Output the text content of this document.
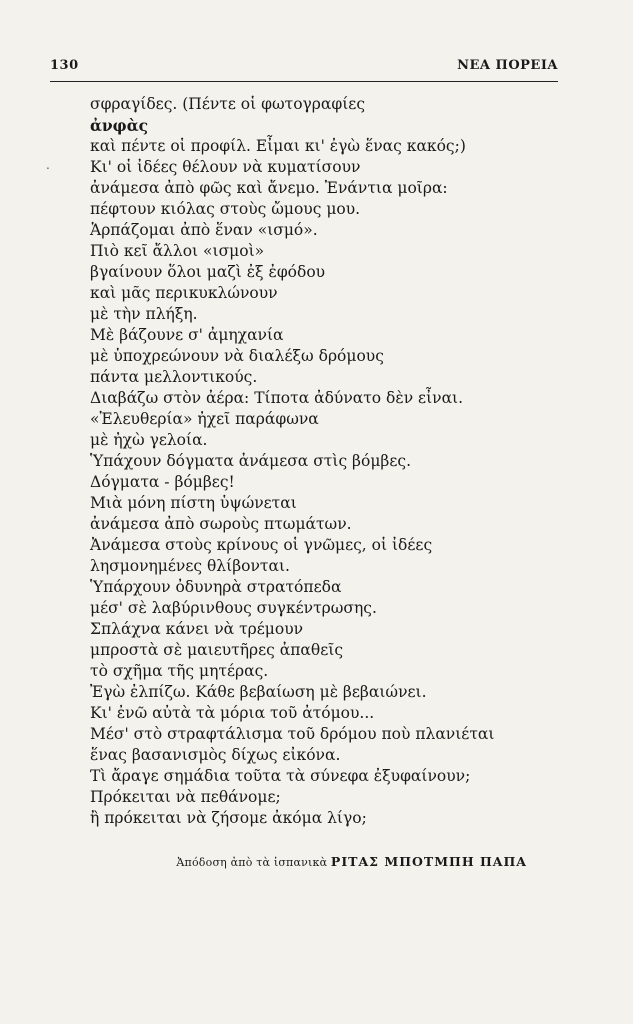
130	ΝΕΑ ΠΟΡΕΙΑ
σφραγίδες. (Πέντε οἱ φωτογραφίες
ἀνφὰς
καὶ πέντε οἱ προφίλ. Εἶμαι κι' ἐγὼ ἕνας κακός;)
Κι' οἱ ἰδέες θέλουν νὰ κυματίσουν
ἀνάμεσα ἀπὸ φῶς καὶ ἄνεμο. Ἐνάντια μοῖρα:
πέφτουν κιόλας στοὺς ὤμους μου.
Ἁρπάζομαι ἀπὸ ἕναν «ισμό».
Πιὸ κεῖ ἄλλοι «ισμοὶ»
βγαίνουν ὅλοι μαζὶ ἐξ ἐφόδου
καὶ μᾶς περικυκλώνουν
μὲ τὴν πλήξη.
Μὲ βάζουνε σ' ἀμηχανία
μὲ ὑποχρεώνουν νὰ διαλέξω δρόμους
πάντα μελλοντικούς.
Διαβάζω στὸν ἀέρα: Τίποτα ἀδύνατο δὲν εἶναι.
«Ἐλευθερία» ἠχεῖ παράφωνα
μὲ ἠχὼ γελοία.
Ὑπάχουν δόγματα ἀνάμεσα στὶς βόμβες.
Δόγματα - βόμβες!
Μιὰ μόνη πίστη ὑψώνεται
ἀνάμεσα ἀπὸ σωροὺς πτωμάτων.
Ἀνάμεσα στοὺς κρίνους οἱ γνῶμες, οἱ ἰδέες
λησμονημένες θλίβονται.
Ὑπάρχουν ὀδυνηρὰ στρατόπεδα
μέσ' σὲ λαβύρινθους συγκέντρωσης.
Σπλάχνα κάνει νὰ τρέμουν
μπροστὰ σὲ μαιευτῆρες ἀπαθεῖς
τὸ σχῆμα τῆς μητέρας.
Ἐγὼ ἐλπίζω. Κάθε βεβαίωση μὲ βεβαιώνει.
Κι' ἐνῶ αὐτὰ τὰ μόρια τοῦ ἀτόμου...
Μέσ' στὸ στραφτάλισμα τοῦ δρόμου ποὺ πλανιέται
ἕνας βασανισμὸς δίχως εἰκόνα.
Τὶ ἄραγε σημάδια τοῦτα τὰ σύνεφα ἐξυφαίνουν;
Πρόκειται νὰ πεθάνομε;
ἢ πρόκειται νὰ ζήσομε ἀκόμα λίγο;
Ἀπόδοση ἀπὸ τὰ ἱσπανικὰ ΡΙΤΑΣ ΜΠΟΤΜΠΗ ΠΑΠΑ
.
